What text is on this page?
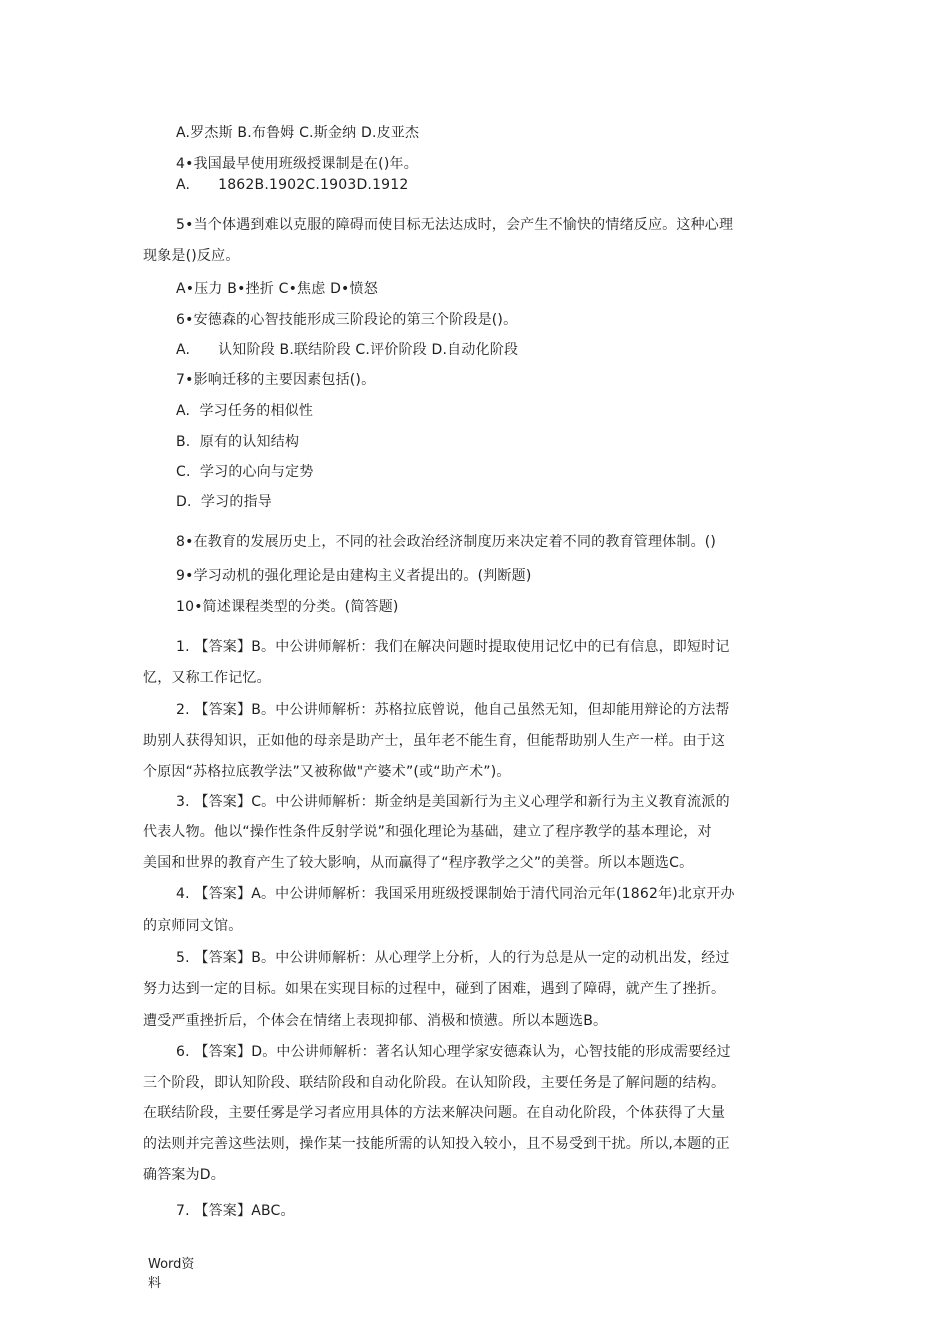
A.罗杰斯 B.布鲁姆 C.斯金纳 D.皮亚杰
4•我国最早使用班级授课制是在()年。
A.      1862B.1902C.1903D.1912
5•当个体遇到难以克服的障碍而使目标无法达成时，会产生不愉快的情绪反应。这种心理
现象是()反应。
A•压力 B•挫折 C•焦虑 D•愤怒
6•安德森的心智技能形成三阶段论的第三个阶段是()。
A.      认知阶段 B.联结阶段 C.评价阶段 D.自动化阶段
7•影响迁移的主要因素包括()。
A.  学习任务的相似性
B.  原有的认知结构
C.  学习的心向与定势
D.  学习的指导
8•在教育的发展历史上，不同的社会政治经济制度历来决定着不同的教育管理体制。()
9•学习动机的强化理论是由建构主义者提出的。(判断题)
10•简述课程类型的分类。(简答题)
1. 【答案】B。中公讲师解析：我们在解决问题时提取使用记忆中的已有信息，即短时记
忆，又称工作记忆。
2. 【答案】B。中公讲师解析：苏格拉底曾说，他自己虽然无知，但却能用辩论的方法帮
助别人获得知识，正如他的母亲是助产士，虽年老不能生育，但能帮助别人生产一样。由于这
个原因“苏格拉底教学法”又被称做"产婆术”(或“助产术”)。
3. 【答案】C。中公讲师解析：斯金纳是美国新行为主义心理学和新行为主义教育流派的
代表人物。他以“操作性条件反射学说”和强化理论为基础，建立了程序教学的基本理论，对
美国和世界的教育产生了较大影响，从而赢得了“程序教学之父”的美誉。所以本题选C。
4. 【答案】A。中公讲师解析：我国采用班级授课制始于清代同治元年(1862年)北京开办
的京师同文馆。
5. 【答案】B。中公讲师解析：从心理学上分析，人的行为总是从一定的动机出发，经过
努力达到一定的目标。如果在实现目标的过程中，碰到了困难，遇到了障碍，就产生了挫折。
遭受严重挫折后，个体会在情绪上表现抑郁、消极和愤懑。所以本题选B。
6. 【答案】D。中公讲师解析：著名认知心理学家安德森认为，心智技能的形成需要经过
三个阶段，即认知阶段、联结阶段和自动化阶段。在认知阶段，主要任务是了解问题的结构。
在联结阶段，主要任雾是学习者应用具体的方法来解决问题。在自动化阶段，个体获得了大量
的法则并完善这些法则，操作某一技能所需的认知投入较小，且不易受到干扰。所以,本题的正
确答案为D。
7. 【答案】ABC。
Word资
料
